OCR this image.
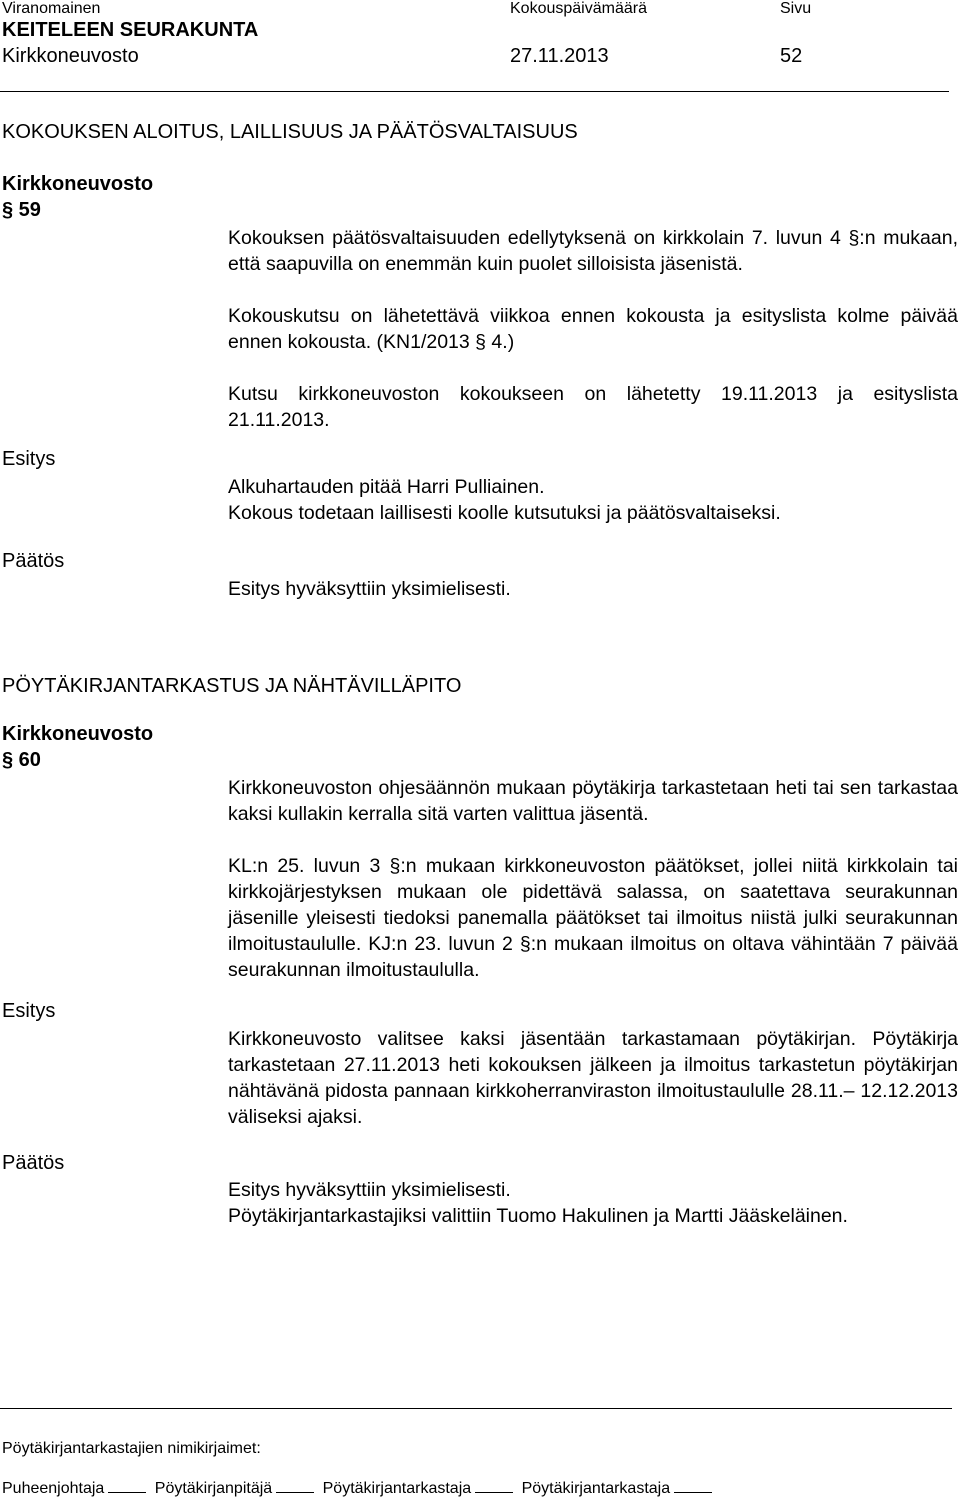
Viranomainen	Kokouspäivämäärä	Sivu
KEITELEEN SEURAKUNTA
Kirkkoneuvosto	27.11.2013	52
KOKOUKSEN ALOITUS, LAILLISUUS JA PÄÄTÖSVALTAISUUS
Kirkkoneuvosto
§ 59

Kokouksen päätösvaltaisuuden edellytyksenä on kirkkolain 7. luvun 4 §:n mukaan, että saapuvilla on enemmän kuin puolet silloisista jäsenistä.

Kokouskutsu on lähetettävä viikkoa ennen kokousta ja esityslista kolme päivää ennen kokousta. (KN1/2013 § 4.)

Kutsu kirkkoneuvoston kokoukseen on lähetetty 19.11.2013 ja esityslista 21.11.2013.

Esitys

Alkuhartauden pitää Harri Pulliainen.

Kokous todetaan laillisesti koolle kutsutuksi ja päätösvaltaiseksi.

Päätös

Esitys hyväksyttiin yksimielisesti.

PÖYTÄKIRJANTARKASTUS JA NÄHTÄVILLÄPITO
Kirkkoneuvosto
§ 60

Kirkkoneuvoston ohjesäännön mukaan pöytäkirja tarkastetaan heti tai sen tarkastaa kaksi kullakin kerralla sitä varten valittua jäsentä.

KL:n 25. luvun 3 §:n mukaan kirkkoneuvoston päätökset, jollei niitä kirkkolain tai kirkkojärjestyksen mukaan ole pidettävä salassa, on saatettava seurakunnan jäsenille yleisesti tiedoksi panemalla päätökset tai ilmoitus niistä julki seurakunnan ilmoitustaululle. KJ:n 23. luvun 2 §:n mukaan ilmoitus on oltava vähintään 7 päivää seurakunnan ilmoitustaululla.

Esitys

Kirkkoneuvosto valitsee kaksi jäsentään tarkastamaan pöytäkirjan. Pöytäkirja tarkastetaan 27.11.2013 heti kokouksen jälkeen ja ilmoitus tarkastetun pöytäkirjan nähtävänä pidosta pannaan kirkkoherranviraston ilmoitustaululle 28.11.– 12.12.2013 väliseksi ajaksi.

Päätös

Esitys hyväksyttiin yksimielisesti.

Pöytäkirjantarkastajiksi valittiin Tuomo Hakulinen ja Martti Jääskeläinen.

Pöytäkirjantarkastajien nimikirjaimet:
Puheenjohtaja	Pöytäkirjanpitäjä	Pöytäkirjantarkastaja	Pöytäkirjantarkastaja
